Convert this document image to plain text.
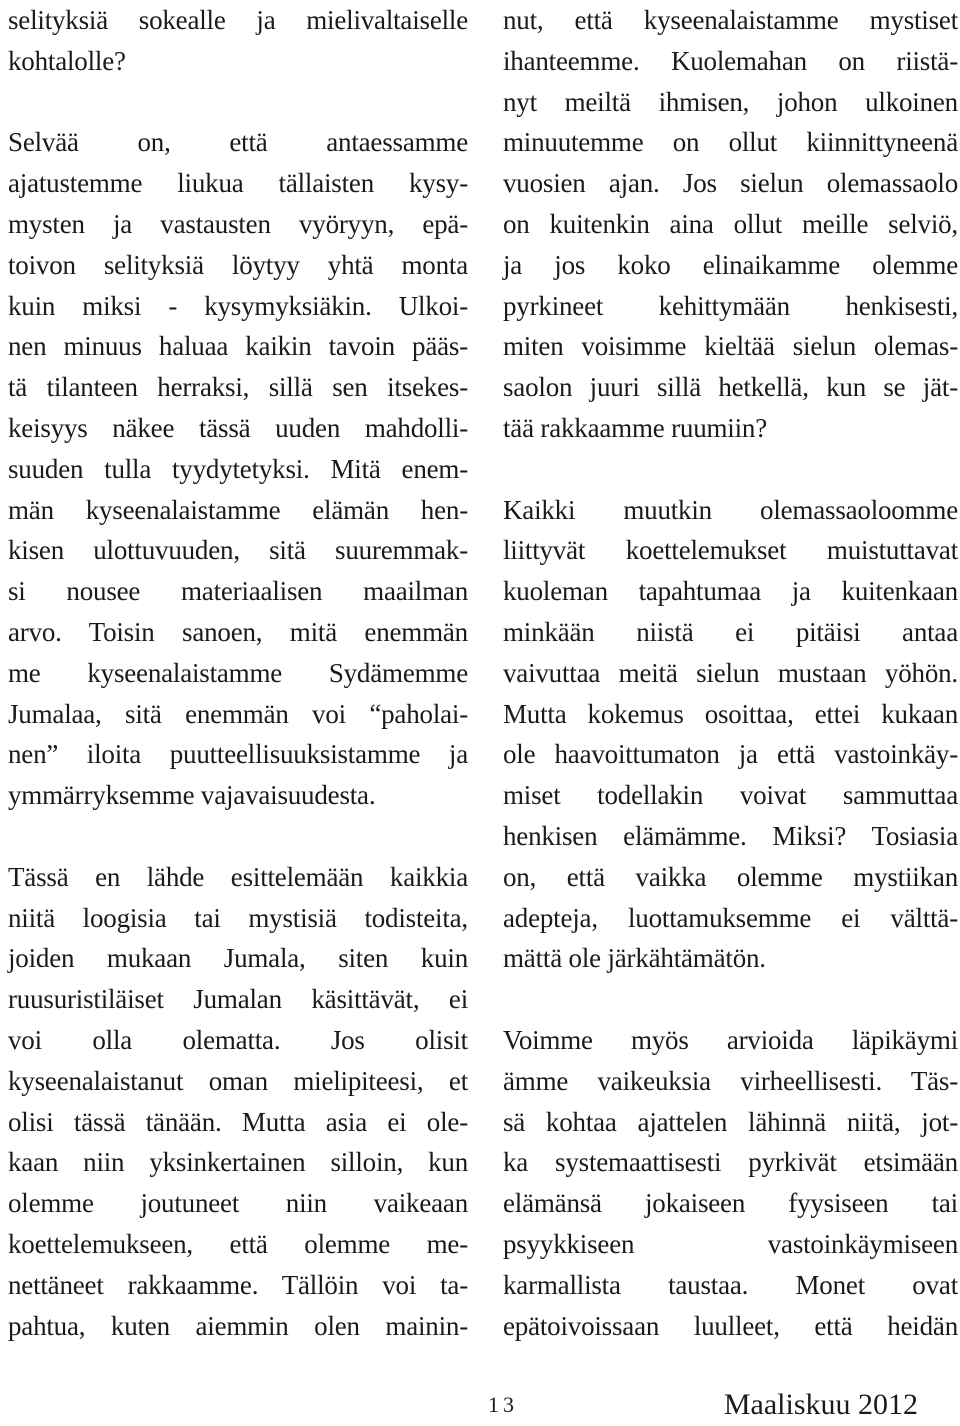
selityksiä sokealle ja mielivaltaiselle
kohtalolle?
Selvää on, että antaessamme
ajatustemme liukua tällaisten kysy-
mysten ja vastausten vyöryyn, epä-
toivon selityksiä löytyy yhtä monta
kuin miksi - kysymyksiäkin. Ulkoi-
nen minuus haluaa kaikin tavoin pääs-
tä tilanteen herraksi, sillä sen itsekes-
keisyys näkee tässä uuden mahdolli-
suuden tulla tyydytetyksi. Mitä enem-
män kyseenalaistamme elämän hen-
kisen ulottuvuuden, sitä suuremmak-
si nousee materiaalisen maailman
arvo. Toisin sanoen, mitä enemmän
me kyseenalaistamme Sydämemme
Jumalaa, sitä enemmän voi “paholai-
nen” iloita puutteellisuuksistamme ja
ymmärryksemme vajavaisuudesta.
Tässä en lähde esittelemään kaikkia
niitä loogisia tai mystisiä todisteita,
joiden mukaan Jumala, siten kuin
ruusuristiläiset Jumalan käsittävät, ei
voi olla olematta. Jos olisit
kyseenalaistanut oman mielipiteesi, et
olisi tässä tänään. Mutta asia ei ole-
kaan niin yksinkertainen silloin, kun
olemme joutuneet niin vaikeaan
koettelemukseen, että olemme me-
nettäneet rakkaamme. Tällöin voi ta-
pahtua, kuten aiemmin olen mainin-
nut, että kyseenalaistamme mystiset
ihanteemme. Kuolemahan on riistä-
nyt meiltä ihmisen, johon ulkoinen
minuutemme on ollut kiinnittyneenä
vuosien ajan. Jos sielun olemassaolo
on kuitenkin aina ollut meille selviö,
ja jos koko elinaikamme olemme
pyrkineet kehittymään henkisesti,
miten voisimme kieltää sielun olemas-
saolon juuri sillä hetkellä, kun se jät-
tää rakkaamme ruumiin?
Kaikki muutkin olemassaoloomme
liittyvät koettelemukset muistuttavat
kuoleman tapahtumaa ja kuitenkaan
minkään niistä ei pitäisi antaa
vaivuttaa meitä sielun mustaan yöhön.
Mutta kokemus osoittaa, ettei kukaan
ole haavoittumaton ja että vastoinkäy-
miset todellakin voivat sammuttaa
henkisen elämämme. Miksi? Tosiasia
on, että vaikka olemme mystiikan
adepteja, luottamuksemme ei välttä-
mättä ole järkähtämätön.
Voimme myös arvioida läpikäymi
ämme vaikeuksia virheellisesti. Täs-
sä kohtaa ajattelen lähinnä niitä, jot-
ka systemaattisesti pyrkivät etsimään
elämänsä jokaiseen fyysiseen tai
psyykkiseen vastoinkäymiseen
karmallista taustaa. Monet ovat
epätoivoissaan luulleet, että heidän
13	Maaliskuu 2012
